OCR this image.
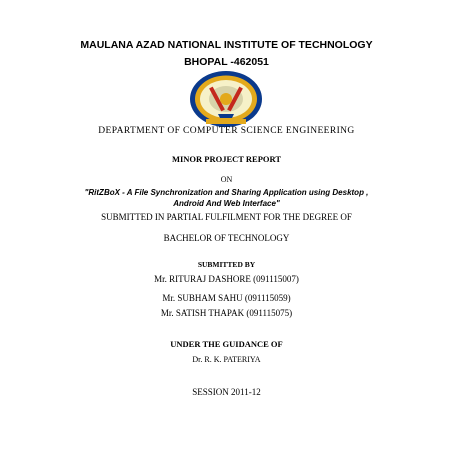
MAULANA AZAD NATIONAL INSTITUTE OF TECHNOLOGY
BHOPAL -462051
DEPARTMENT OF COMPUTER SCIENCE ENGINEERING
MINOR PROJECT REPORT
ON
"RitZBoX - A File Synchronization and Sharing Application using Desktop ,
Android And Web Interface"
SUBMITTED IN PARTIAL FULFILMENT FOR THE DEGREE OF
BACHELOR OF TECHNOLOGY
SUBMITTED BY
Mr. RITURAJ DASHORE (091115007)
Mr. SUBHAM SAHU (091115059)
Mr. SATISH THAPAK (091115075)
UNDER THE GUIDANCE OF
Dr. R. K. PATERIYA
SESSION 2011-12
